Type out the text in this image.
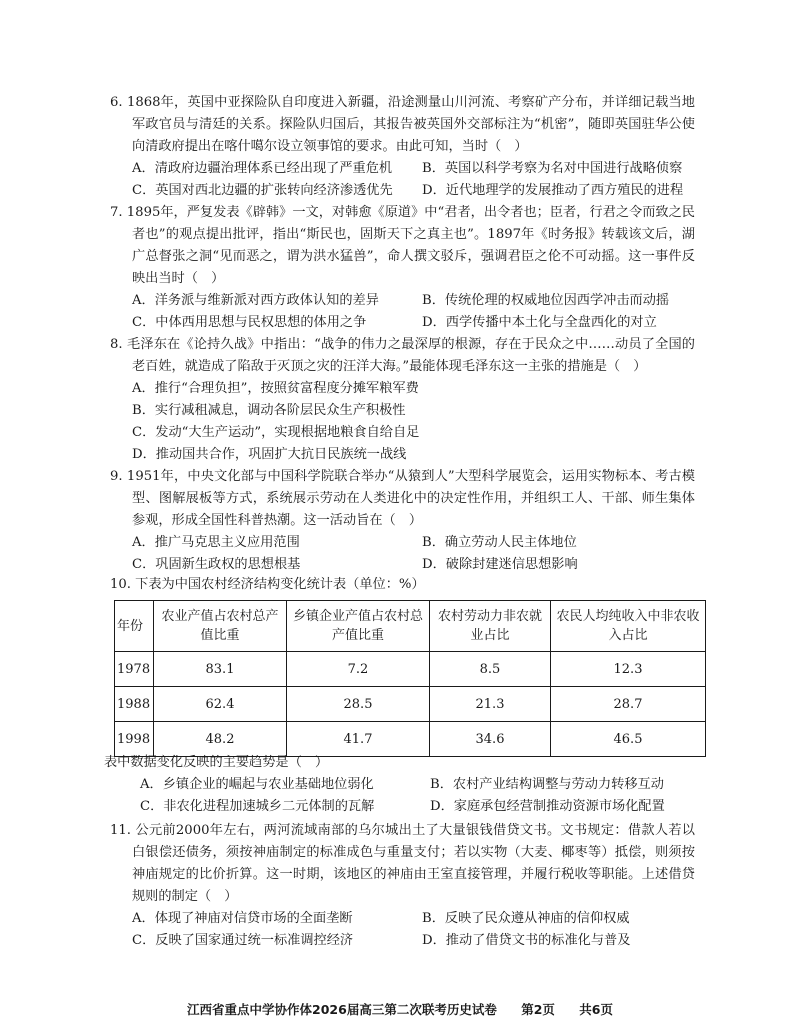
6. 1868年，英国中亚探险队自印度进入新疆，沿途测量山川河流、考察矿产分布，并详细记载当地军政官员与清廷的关系。探险队归国后，其报告被英国外交部标注为“机密”，随即英国驻华公使向清政府提出在喀什噶尔设立领事馆的要求。由此可知，当时（　）

A．清政府边疆治理体系已经出现了严重危机	B．英国以科学考察为名对中国进行战略侦察
C．英国对西北边疆的扩张转向经济渗透优先	D．近代地理学的发展推动了西方殖民的进程

7. 1895年，严复发表《辟韩》一文，对韩愈《原道》中“君者，出令者也；臣者，行君之令而致之民者也”的观点提出批评，指出“斯民也，固斯天下之真主也”。1897年《时务报》转载该文后，湖广总督张之洞“见而恶之，谓为洪水猛兽”，命人撰文驳斥，强调君臣之伦不可动摇。这一事件反映出当时（　）

A．洋务派与维新派对西方政体认知的差异	B．传统伦理的权威地位因西学冲击而动摇
C．中体西用思想与民权思想的体用之争	D．西学传播中本土化与全盘西化的对立

8. 毛泽东在《论持久战》中指出：“战争的伟力之最深厚的根源，存在于民众之中……动员了全国的老百姓，就造成了陷敌于灭顶之灾的汪洋大海。”最能体现毛泽东这一主张的措施是（　）

A．推行“合理负担”，按照贫富程度分摊军粮军费
B．实行减租减息，调动各阶层民众生产积极性
C．发动“大生产运动”，实现根据地粮食自给自足
D．推动国共合作，巩固扩大抗日民族统一战线

9. 1951年，中央文化部与中国科学院联合举办“从猿到人”大型科学展览会，运用实物标本、考古模型、图解展板等方式，系统展示劳动在人类进化中的决定性作用，并组织工人、干部、师生集体参观，形成全国性科普热潮。这一活动旨在（　）

A．推广马克思主义应用范围	B．确立劳动人民主体地位
C．巩固新生政权的思想根基	D．破除封建迷信思想影响

10. 下表为中国农村经济结构变化统计表（单位：%）

年份	农业产值占农村总产值比重	乡镇企业产值占农村总产值比重	农村劳动力非农就业占比	农民人均纯收入中非农收入占比
1978	83.1	7.2	8.5	12.3
1988	62.4	28.5	21.3	28.7
1998	48.2	41.7	34.6	46.5

表中数据变化反映的主要趋势是（　）

A．乡镇企业的崛起与农业基础地位弱化	B．农村产业结构调整与劳动力转移互动
C．非农化进程加速城乡二元体制的瓦解	D．家庭承包经营制推动资源市场化配置

11. 公元前2000年左右，两河流域南部的乌尔城出土了大量银钱借贷文书。文书规定：借款人若以白银偿还债务，须按神庙制定的标准成色与重量支付；若以实物（大麦、椰枣等）抵偿，则须按神庙规定的比价折算。这一时期，该地区的神庙由王室直接管理，并履行税收等职能。上述借贷规则的制定（　）

A．体现了神庙对信贷市场的全面垄断	B．反映了民众遵从神庙的信仰权威
C．反映了国家通过统一标准调控经济	D．推动了借贷文书的标准化与普及
江西省重点中学协作体2026届高三第二次联考历史试卷 第2页 共6页
